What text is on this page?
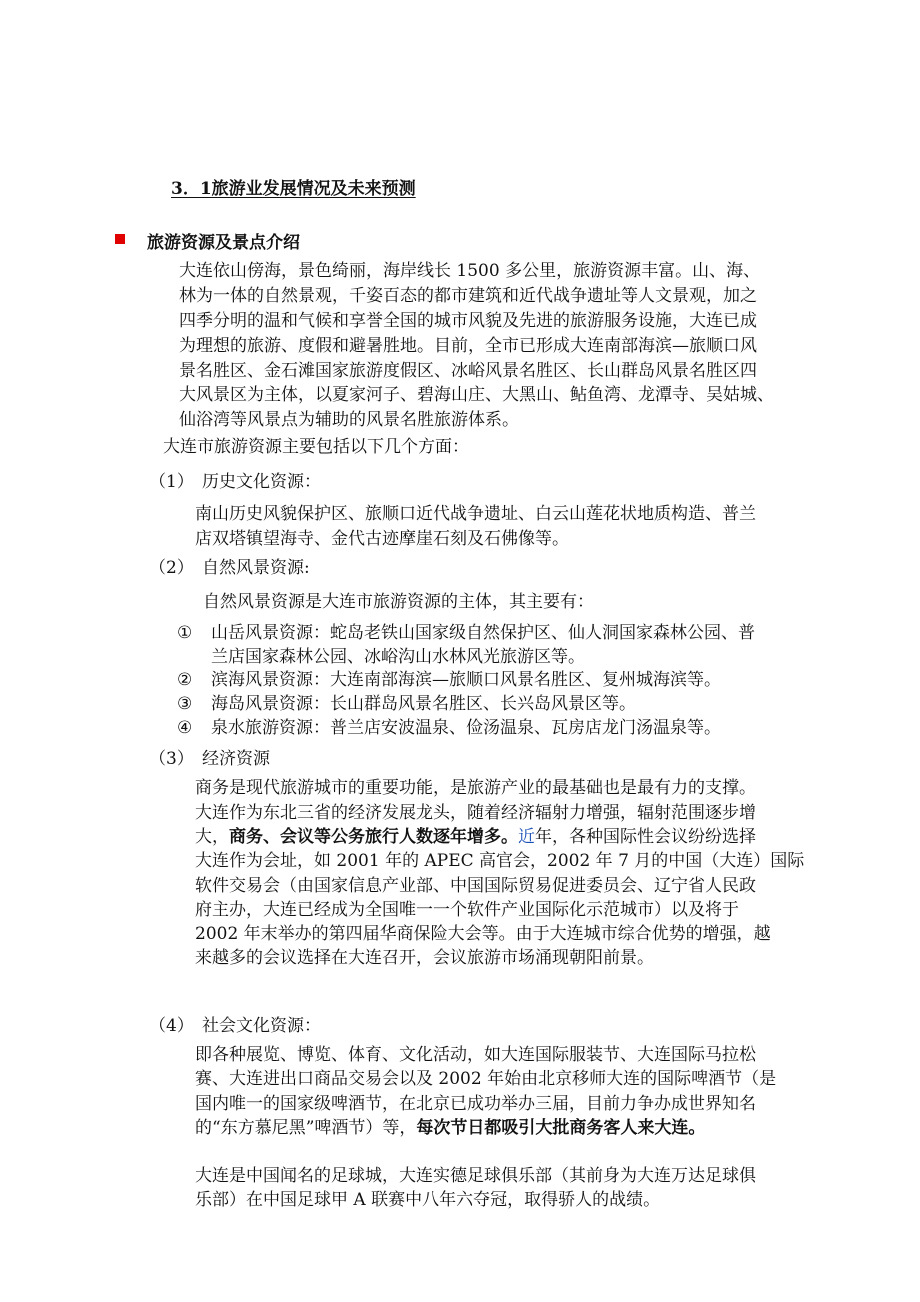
3．1旅游业发展情况及未来预测
旅游资源及景点介绍
大连依山傍海，景色绮丽，海岸线长 1500 多公里，旅游资源丰富。山、海、
林为一体的自然景观，千姿百态的都市建筑和近代战争遗址等人文景观，加之
四季分明的温和气候和享誉全国的城市风貌及先进的旅游服务设施，大连已成
为理想的旅游、度假和避暑胜地。目前，全市已形成大连南部海滨—旅顺口风
景名胜区、金石滩国家旅游度假区、冰峪风景名胜区、长山群岛风景名胜区四
大风景区为主体，以夏家河子、碧海山庄、大黑山、鲇鱼湾、龙潭寺、吴姑城、
仙浴湾等风景点为辅助的风景名胜旅游体系。
大连市旅游资源主要包括以下几个方面：
（1） 历史文化资源：
南山历史风貌保护区、旅顺口近代战争遗址、白云山莲花状地质构造、普兰
店双塔镇望海寺、金代古迹摩崖石刻及石佛像等。
（2） 自然风景资源:
自然风景资源是大连市旅游资源的主体，其主要有：
① 山岳风景资源：蛇岛老铁山国家级自然保护区、仙人洞国家森林公园、普
兰店国家森林公园、冰峪沟山水林风光旅游区等。
② 滨海风景资源：大连南部海滨—旅顺口风景名胜区、复州城海滨等。
③ 海岛风景资源：长山群岛风景名胜区、长兴岛风景区等。
④ 泉水旅游资源：普兰店安波温泉、俭汤温泉、瓦房店龙门汤温泉等。
（3） 经济资源
商务是现代旅游城市的重要功能，是旅游产业的最基础也是最有力的支撑。
大连作为东北三省的经济发展龙头，随着经济辐射力增强，辐射范围逐步增
大，商务、会议等公务旅行人数逐年增多。近年，各种国际性会议纷纷选择
大连作为会址，如 2001 年的 APEC 高官会，2002 年 7 月的中国（大连）国际
软件交易会（由国家信息产业部、中国国际贸易促进委员会、辽宁省人民政
府主办，大连已经成为全国唯一一个软件产业国际化示范城市）以及将于
2002 年末举办的第四届华商保险大会等。由于大连城市综合优势的增强，越
来越多的会议选择在大连召开，会议旅游市场涌现朝阳前景。
（4） 社会文化资源：
即各种展览、博览、体育、文化活动，如大连国际服装节、大连国际马拉松
赛、大连进出口商品交易会以及 2002 年始由北京移师大连的国际啤酒节（是
国内唯一的国家级啤酒节，在北京已成功举办三届，目前力争办成世界知名
的“东方慕尼黑”啤酒节）等，每次节日都吸引大批商务客人来大连。
大连是中国闻名的足球城，大连实德足球俱乐部（其前身为大连万达足球俱
乐部）在中国足球甲 A 联赛中八年六夺冠，取得骄人的战绩。
